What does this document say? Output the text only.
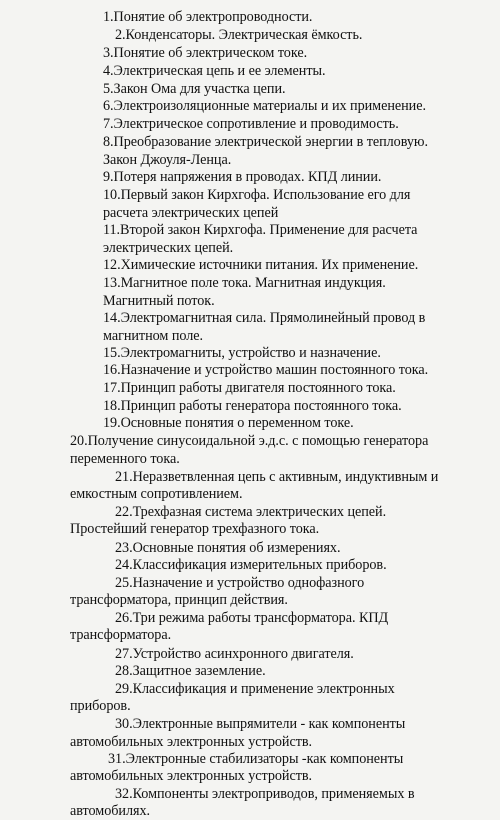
1.Понятие об электропроводности.
2.Конденсаторы. Электрическая ёмкость.
3.Понятие об электрическом токе.
4.Электрическая цепь и ее элементы.
5.Закон Ома для участка цепи.
6.Электроизоляционные материалы и их применение.
7.Электрическое сопротивление и проводимость.
8.Преобразование электрической энергии в тепловую.
Закон Джоуля-Ленца.
9.Потеря напряжения в проводах. КПД линии.
10.Первый закон Кирхгофа. Использование его для
расчета электрических цепей
11.Второй закон Кирхгофа. Применение для расчета
электрических цепей.
12.Химические источники питания. Их применение.
13.Магнитное поле тока. Магнитная индукция.
Магнитный поток.
14.Электромагнитная сила. Прямолинейный провод в
магнитном поле.
15.Электромагниты, устройство и назначение.
16.Назначение и устройство машин постоянного тока.
17.Принцип работы двигателя постоянного тока.
18.Принцип работы генератора постоянного тока.
19.Основные понятия о переменном токе.
20.Получение синусоидальной э.д.с. с помощью генератора
переменного тока.
21.Неразветвленная цепь с активным, индуктивным и
емкостным сопротивлением.
22.Трехфазная система электрических цепей.
Простейший генератор трехфазного тока.
23.Основные понятия об измерениях.
24.Классификация измерительных приборов.
25.Назначение и устройство однофазного
трансформатора, принцип действия.
26.Три режима работы трансформатора. КПД
трансформатора.
27.Устройство асинхронного двигателя.
28.Защитное заземление.
29.Классификация и применение электронных
приборов.
30.Электронные выпрямители - как компоненты
автомобильных электронных устройств.
31.Электронные стабилизаторы -как компоненты
автомобильных электронных устройств.
32.Компоненты электроприводов, применяемых в
автомобилях.
